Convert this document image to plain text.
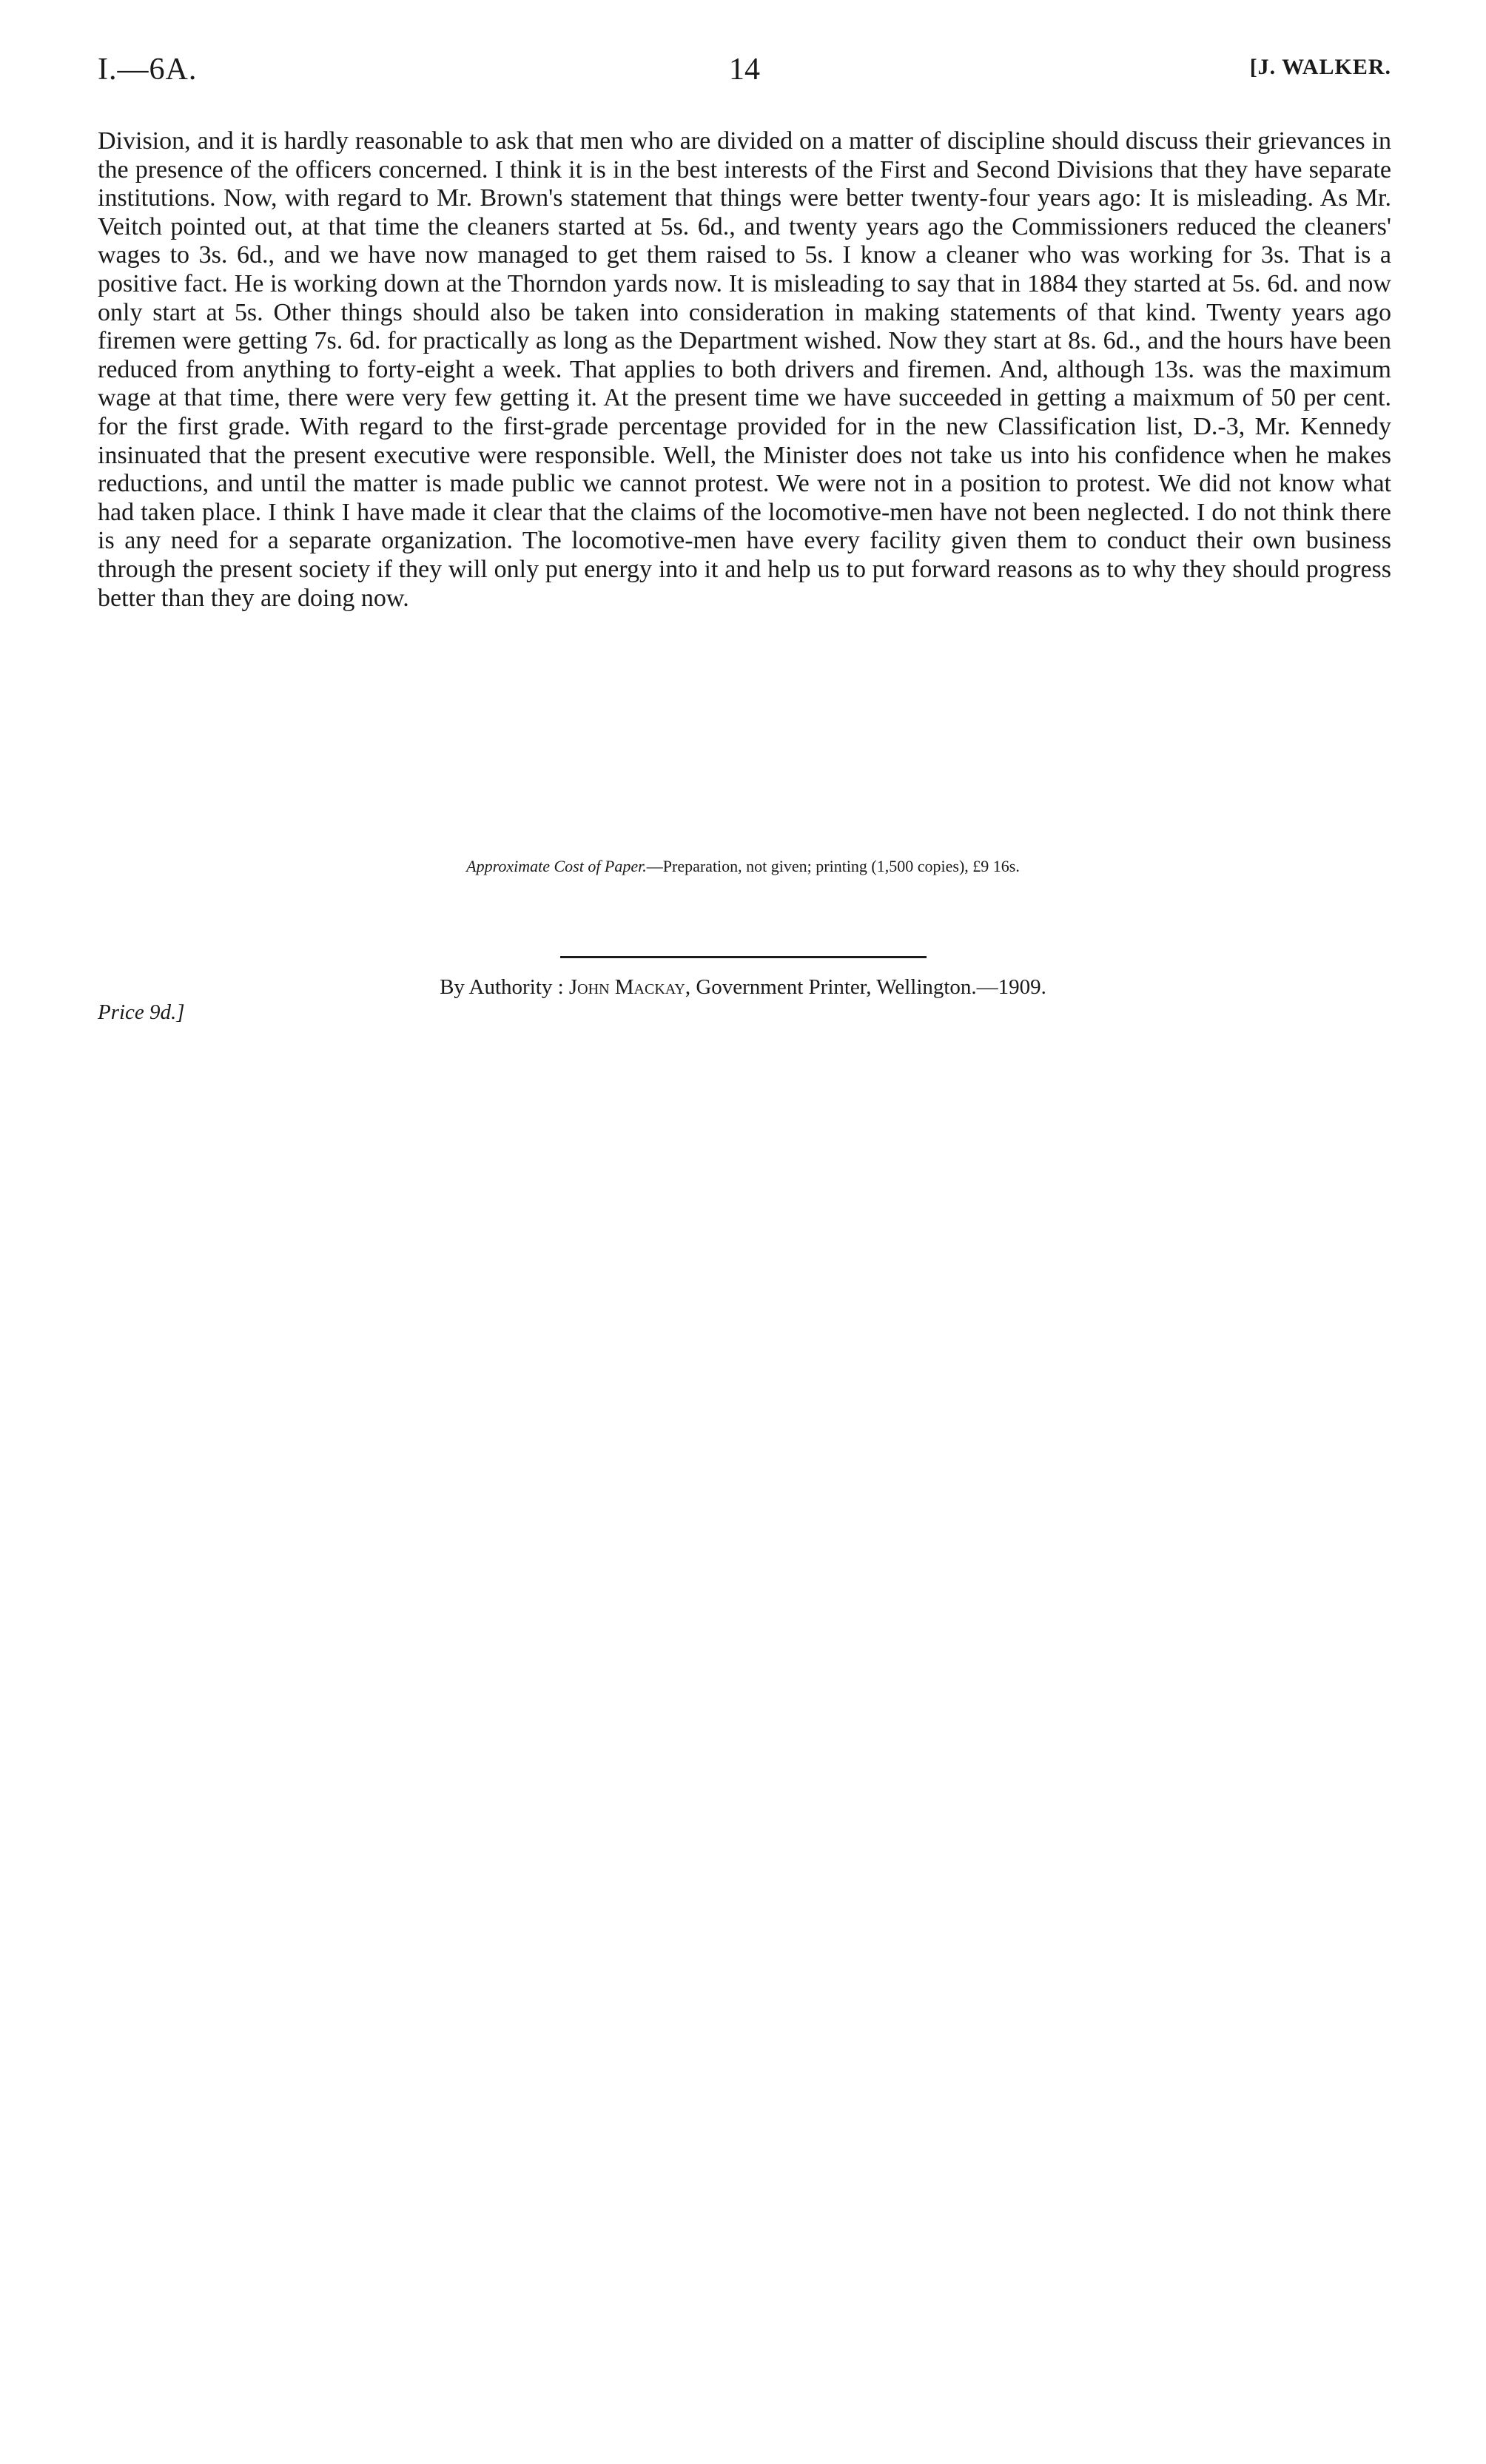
I.—6A.	14	[J. WALKER.

Division, and it is hardly reasonable to ask that men who are divided on a matter of discipline should discuss their grievances in the presence of the officers concerned. I think it is in the best interests of the First and Second Divisions that they have separate institutions. Now, with regard to Mr. Brown's statement that things were better twenty-four years ago: It is misleading. As Mr. Veitch pointed out, at that time the cleaners started at 5s. 6d., and twenty years ago the Commissioners reduced the cleaners' wages to 3s. 6d., and we have now managed to get them raised to 5s. I know a cleaner who was working for 3s. That is a positive fact. He is working down at the Thorndon yards now. It is misleading to say that in 1884 they started at 5s. 6d. and now only start at 5s. Other things should also be taken into consideration in making statements of that kind. Twenty years ago firemen were getting 7s. 6d. for practically as long as the Department wished. Now they start at 8s. 6d., and the hours have been reduced from anything to forty-eight a week. That applies to both drivers and firemen. And, although 13s. was the maximum wage at that time, there were very few getting it. At the present time we have succeeded in getting a maixmum of 50 per cent. for the first grade. With regard to the first-grade percentage provided for in the new Classification list, D.-3, Mr. Kennedy insinuated that the present executive were responsible. Well, the Minister does not take us into his confidence when he makes reductions, and until the matter is made public we cannot protest. We were not in a position to protest. We did not know what had taken place. I think I have made it clear that the claims of the locomotive-men have not been neglected. I do not think there is any need for a separate organization. The locomotive-men have every facility given them to conduct their own business through the present society if they will only put energy into it and help us to put forward reasons as to why they should progress better than they are doing now.

Approximate Cost of Paper.—Preparation, not given; printing (1,500 copies), £9 16s.
By Authority : John Mackay, Government Printer, Wellington.—1909.
Price 9d.]
